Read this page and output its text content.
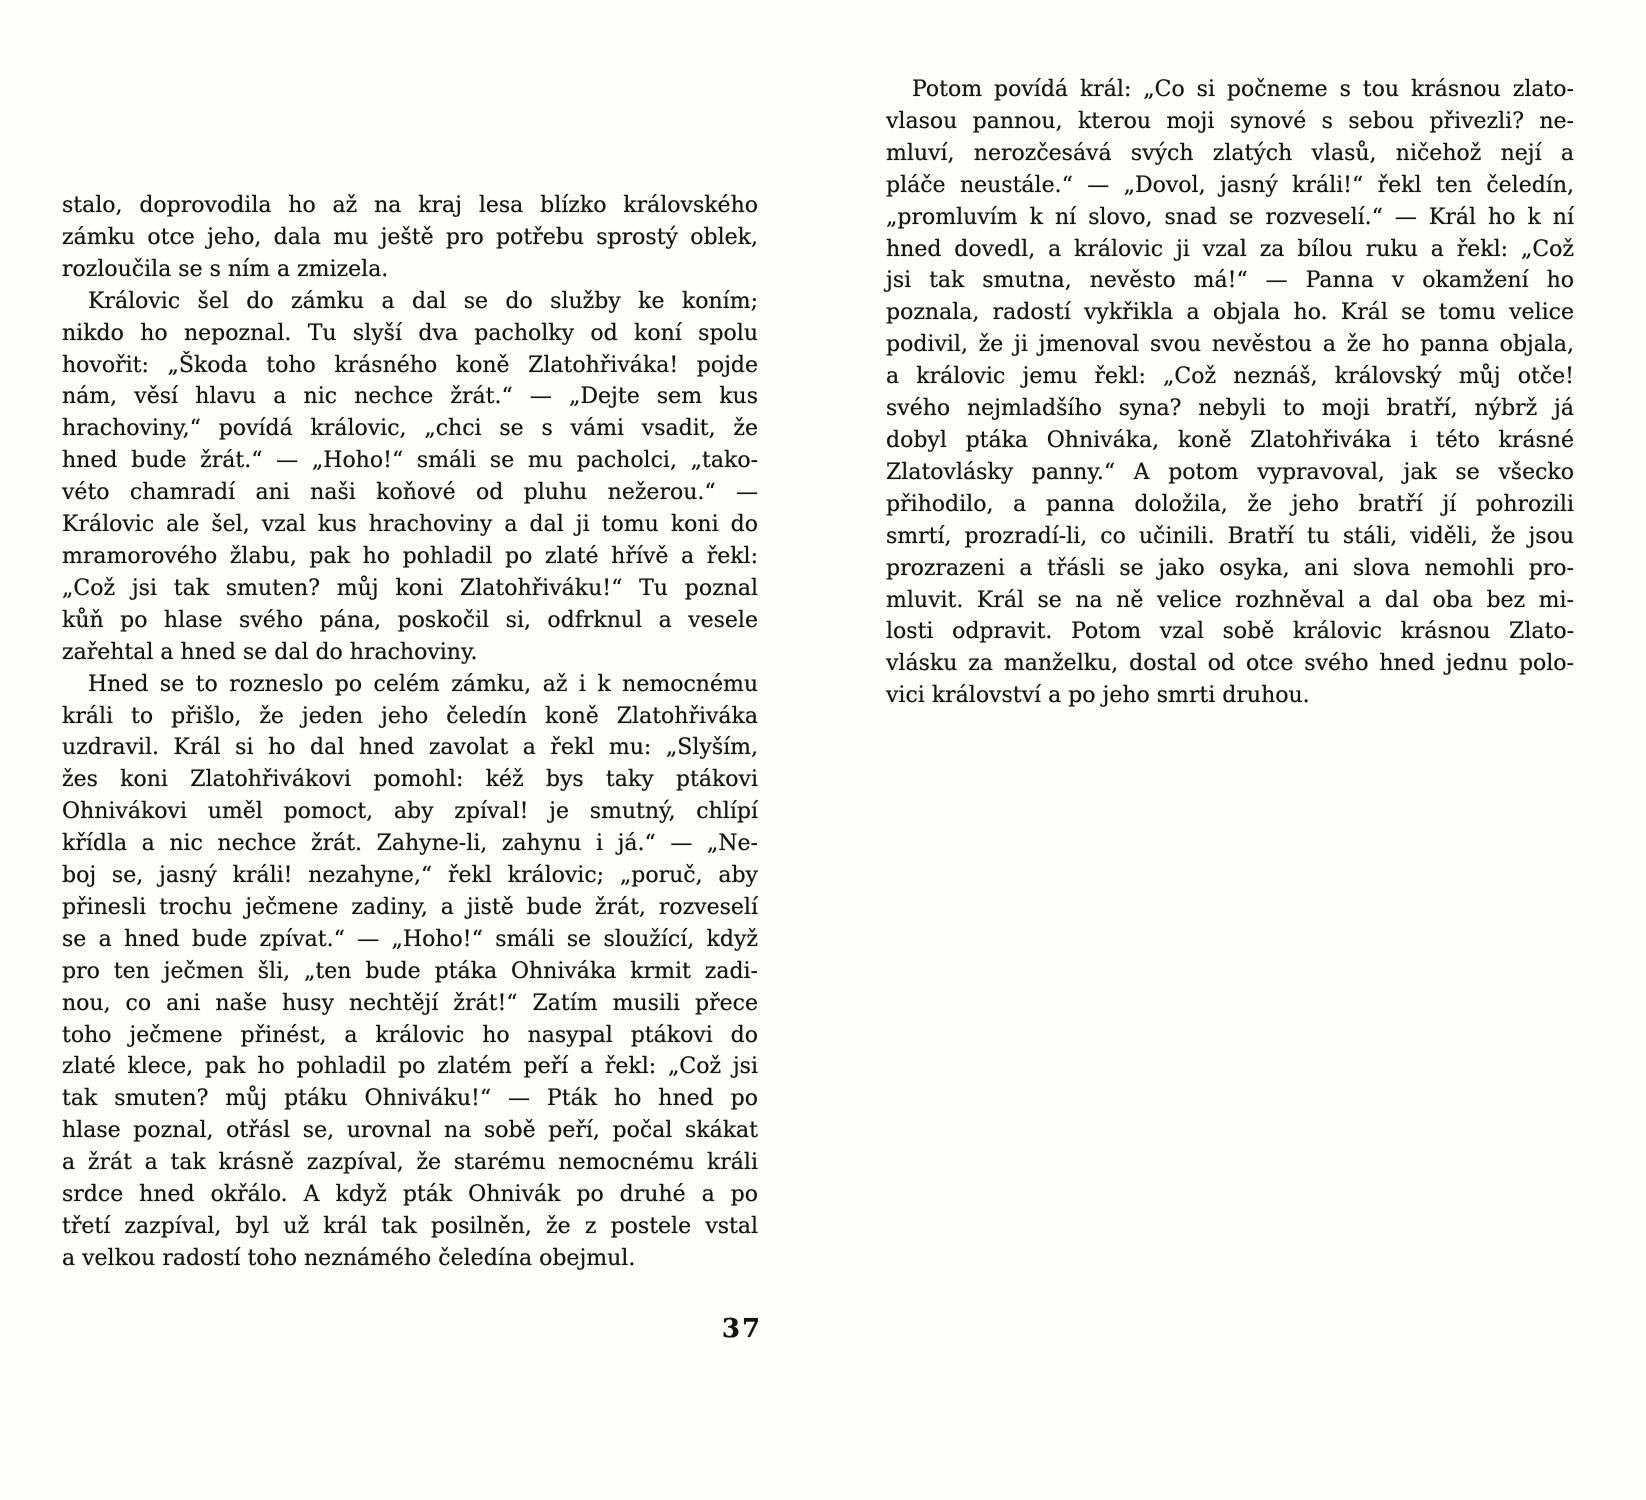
stalo, doprovodila ho až na kraj lesa blízko královského
zámku otce jeho, dala mu ještě pro potřebu sprostý oblek,
rozloučila se s ním a zmizela.
Královic šel do zámku a dal se do služby ke koním;
nikdo ho nepoznal. Tu slyší dva pacholky od koní spolu
hovořit: „Škoda toho krásného koně Zlatohřiváka! pojde
nám, věsí hlavu a nic nechce žrát.“ — „Dejte sem kus
hrachoviny,“ povídá královic, „chci se s vámi vsadit, že
hned bude žrát.“ — „Hoho!“ smáli se mu pacholci, „tako-
véto chamradí ani naši koňové od pluhu nežerou.“ —
Královic ale šel, vzal kus hrachoviny a dal ji tomu koni do
mramorového žlabu, pak ho pohladil po zlaté hřívě a řekl:
„Což jsi tak smuten? můj koni Zlatohřiváku!“ Tu poznal
kůň po hlase svého pána, poskočil si, odfrknul a vesele
zařehtal a hned se dal do hrachoviny.
Hned se to rozneslo po celém zámku, až i k nemocnému
králi to přišlo, že jeden jeho čeledín koně Zlatohřiváka
uzdravil. Král si ho dal hned zavolat a řekl mu: „Slyším,
žes koni Zlatohřivákovi pomohl: kéž bys taky ptákovi
Ohnivákovi uměl pomoct, aby zpíval! je smutný, chlípí
křídla a nic nechce žrát. Zahyne-li, zahynu i já.“ — „Ne-
boj se, jasný králi! nezahyne,“ řekl královic; „poruč, aby
přinesli trochu ječmene zadiny, a jistě bude žrát, rozveselí
se a hned bude zpívat.“ — „Hoho!“ smáli se sloužící, když
pro ten ječmen šli, „ten bude ptáka Ohniváka krmit zadi-
nou, co ani naše husy nechtějí žrát!“ Zatím musili přece
toho ječmene přinést, a královic ho nasypal ptákovi do
zlaté klece, pak ho pohladil po zlatém peří a řekl: „Což jsi
tak smuten? můj ptáku Ohniváku!“ — Pták ho hned po
hlase poznal, otřásl se, urovnal na sobě peří, počal skákat
a žrát a tak krásně zazpíval, že starému nemocnému králi
srdce hned okřálo. A když pták Ohnivák po druhé a po
třetí zazpíval, byl už král tak posilněn, že z postele vstal
a velkou radostí toho neznámého čeledína obejmul.
Potom povídá král: „Co si počneme s tou krásnou zlato-
vlasou pannou, kterou moji synové s sebou přivezli? ne-
mluví, nerozčesává svých zlatých vlasů, ničehož nejí a
pláče neustále.“ — „Dovol, jasný králi!“ řekl ten čeledín,
„promluvím k ní slovo, snad se rozveselí.“ — Král ho k ní
hned dovedl, a královic ji vzal za bílou ruku a řekl: „Což
jsi tak smutna, nevěsto má!“ — Panna v okamžení ho
poznala, radostí vykřikla a objala ho. Král se tomu velice
podivil, že ji jmenoval svou nevěstou a že ho panna objala,
a královic jemu řekl: „Což neznáš, královský můj otče!
svého nejmladšího syna? nebyli to moji bratří, nýbrž já
dobyl ptáka Ohniváka, koně Zlatohřiváka i této krásné
Zlatovlásky panny.“ A potom vypravoval, jak se všecko
přihodilo, a panna doložila, že jeho bratří jí pohrozili
smrtí, prozradí-li, co učinili. Bratří tu stáli, viděli, že jsou
prozrazeni a třásli se jako osyka, ani slova nemohli pro-
mluvit. Král se na ně velice rozhněval a dal oba bez mi-
losti odpravit. Potom vzal sobě královic krásnou Zlato-
vlásku za manželku, dostal od otce svého hned jednu polo-
vici království a po jeho smrti druhou.
37
